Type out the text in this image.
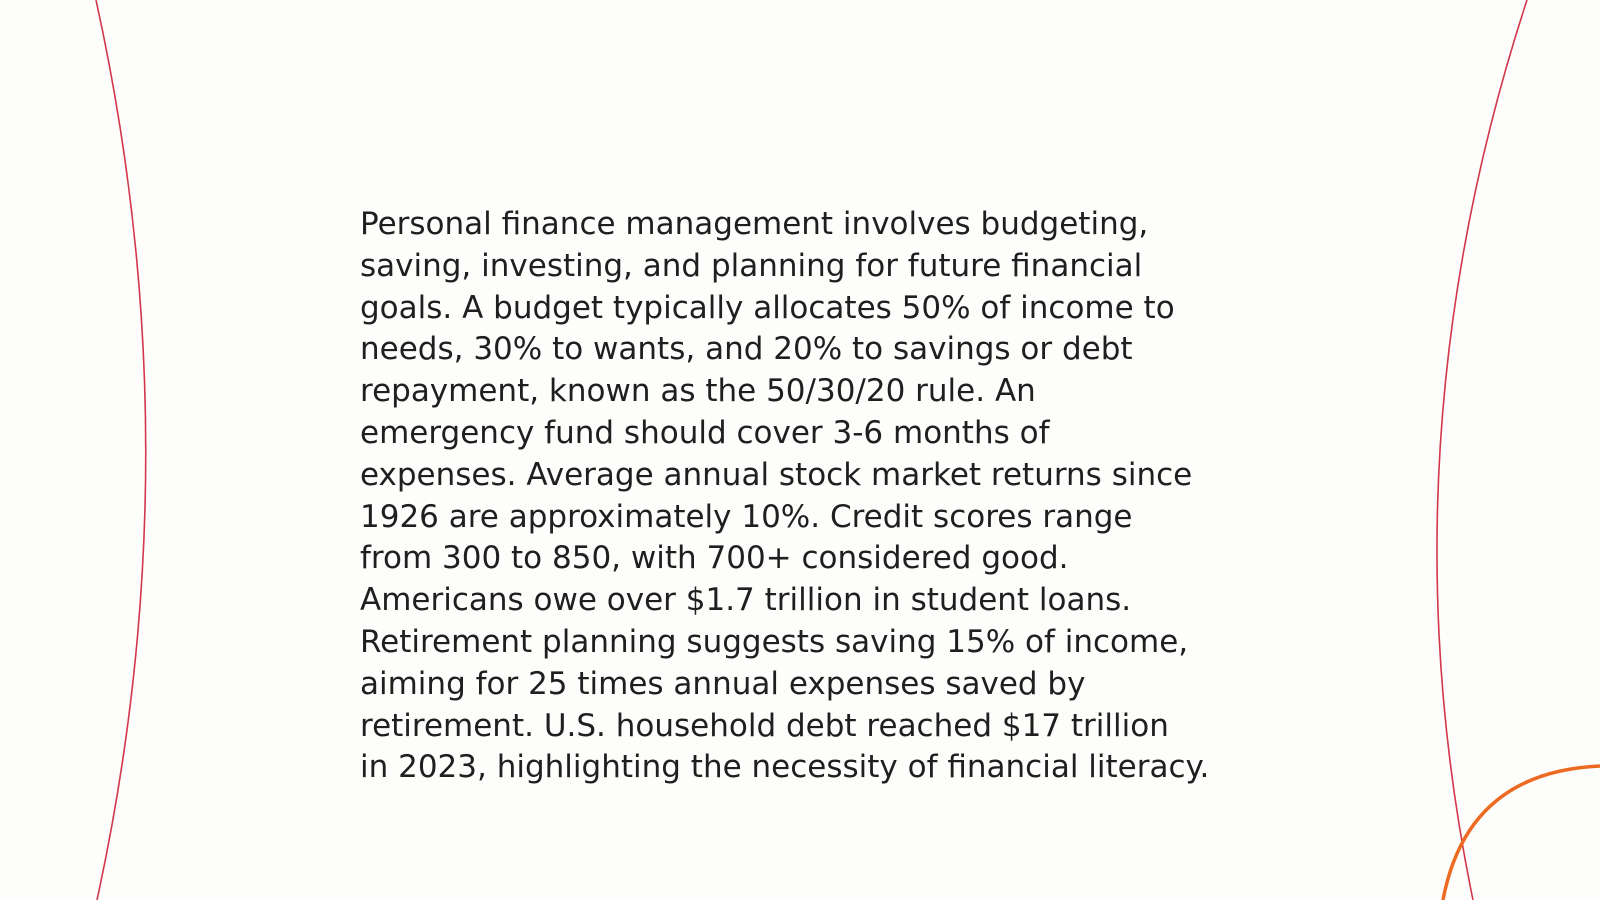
Personal finance management involves budgeting,
saving, investing, and planning for future financial
goals. A budget typically allocates 50% of income to
needs, 30% to wants, and 20% to savings or debt
repayment, known as the 50/30/20 rule. An
emergency fund should cover 3-6 months of
expenses. Average annual stock market returns since
1926 are approximately 10%. Credit scores range
from 300 to 850, with 700+ considered good.
Americans owe over $1.7 trillion in student loans.
Retirement planning suggests saving 15% of income,
aiming for 25 times annual expenses saved by
retirement. U.S. household debt reached $17 trillion
in 2023, highlighting the necessity of financial literacy.
